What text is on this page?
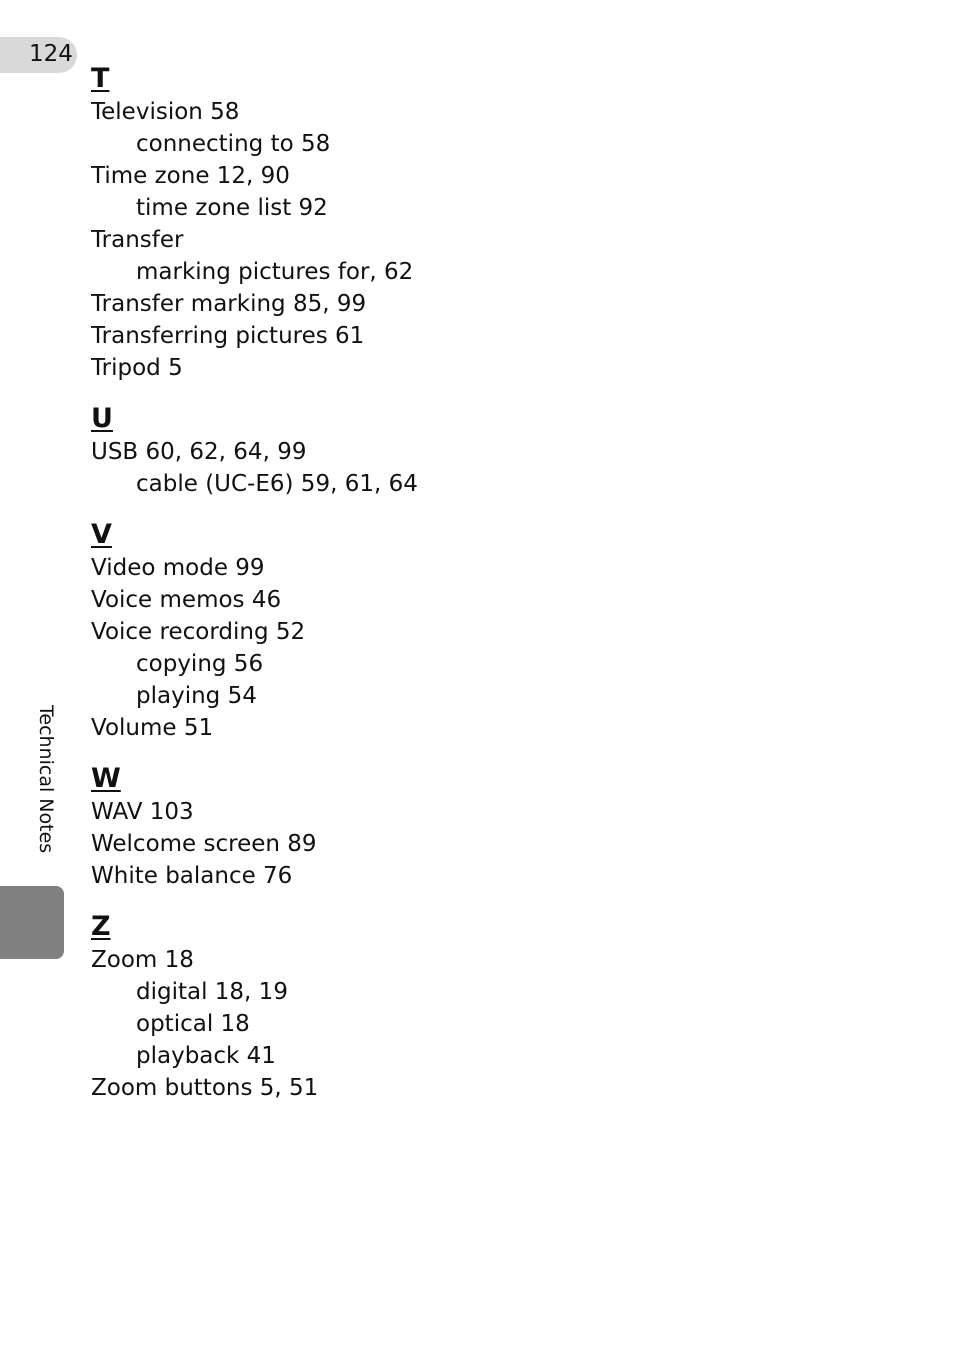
124
Technical Notes
T
Television 58
connecting to 58
Time zone 12, 90
time zone list 92
Transfer
marking pictures for, 62
Transfer marking 85, 99
Transferring pictures 61
Tripod 5
U
USB 60, 62, 64, 99
cable (UC-E6) 59, 61, 64
V
Video mode 99
Voice memos 46
Voice recording 52
copying 56
playing 54
Volume 51
W
WAV 103
Welcome screen 89
White balance 76
Z
Zoom 18
digital 18, 19
optical 18
playback 41
Zoom buttons 5, 51
